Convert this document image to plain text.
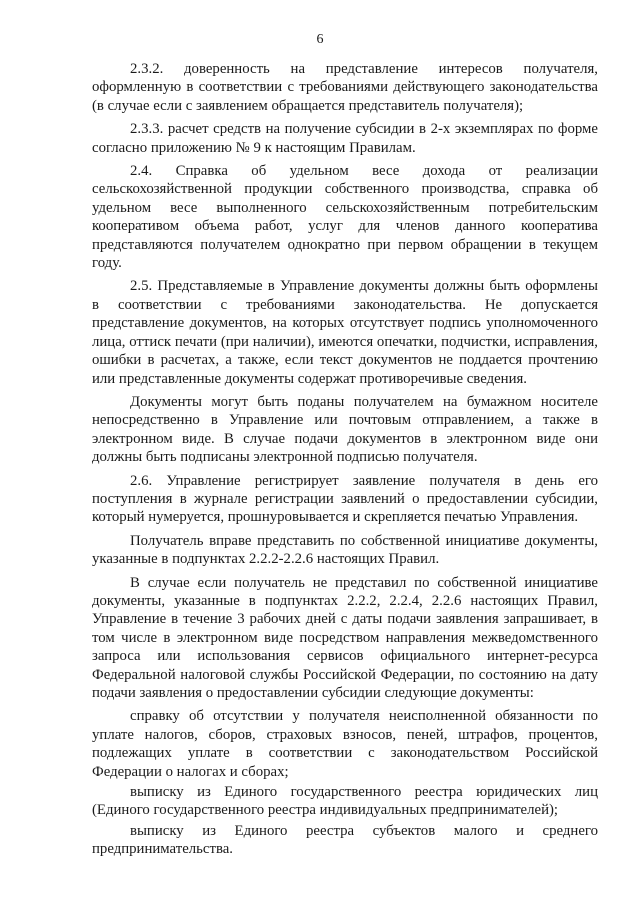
6

2.3.2. доверенность на представление интересов получателя, оформленную в соответствии с требованиями действующего законодательства (в случае если с заявлением обращается представитель получателя);

2.3.3. расчет средств на получение субсидии в 2-х экземплярах по форме согласно приложению № 9 к настоящим Правилам.

2.4. Справка об удельном весе дохода от реализации сельскохозяйственной продукции собственного производства, справка об удельном весе выполненного сельскохозяйственным потребительским кооперативом объема работ, услуг для членов данного кооператива представляются получателем однократно при первом обращении в текущем году.

2.5. Представляемые в Управление документы должны быть оформлены в соответствии с требованиями законодательства. Не допускается представление документов, на которых отсутствует подпись уполномоченного лица, оттиск печати (при наличии), имеются опечатки, подчистки, исправления, ошибки в расчетах, а также, если текст документов не поддается прочтению или представленные документы содержат противоречивые сведения.

Документы могут быть поданы получателем на бумажном носителе непосредственно в Управление или почтовым отправлением, а также в электронном виде. В случае подачи документов в электронном виде они должны быть подписаны электронной подписью получателя.

2.6. Управление регистрирует заявление получателя в день его поступления в журнале регистрации заявлений о предоставлении субсидии, который нумеруется, прошнуровывается и скрепляется печатью Управления.

Получатель вправе представить по собственной инициативе документы, указанные в подпунктах 2.2.2-2.2.6 настоящих Правил.

В случае если получатель не представил по собственной инициативе документы, указанные в подпунктах 2.2.2, 2.2.4, 2.2.6 настоящих Правил, Управление в течение 3 рабочих дней с даты подачи заявления запрашивает, в том числе в электронном виде посредством направления межведомственного запроса или использования сервисов официального интернет-ресурса Федеральной налоговой службы Российской Федерации, по состоянию на дату подачи заявления о предоставлении субсидии следующие документы:

справку об отсутствии у получателя неисполненной обязанности по уплате налогов, сборов, страховых взносов, пеней, штрафов, процентов, подлежащих уплате в соответствии с законодательством Российской Федерации о налогах и сборах;

выписку из Единого государственного реестра юридических лиц (Единого государственного реестра индивидуальных предпринимателей);

выписку из Единого реестра субъектов малого и среднего предпринимательства.
